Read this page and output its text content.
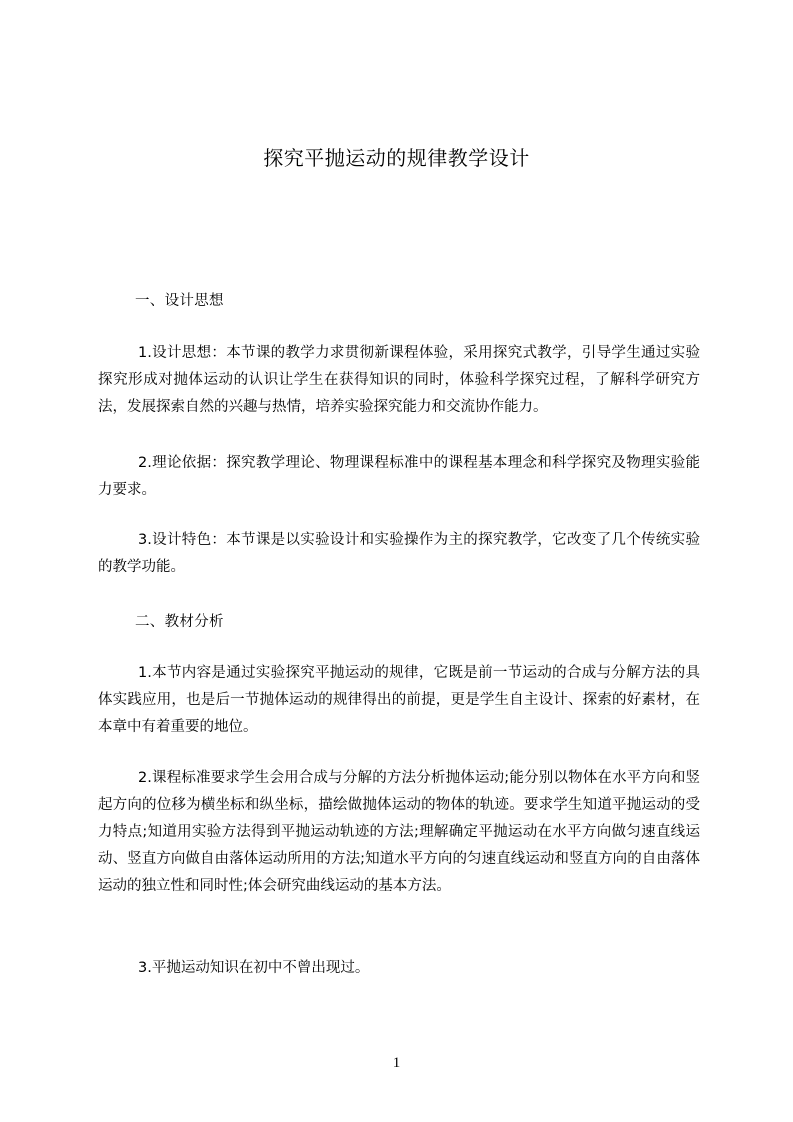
探究平抛运动的规律教学设计
一、设计思想
1.设计思想：本节课的教学力求贯彻新课程体验，采用探究式教学，引导学生通过实验探究形成对抛体运动的认识让学生在获得知识的同时，体验科学探究过程，了解科学研究方法，发展探索自然的兴趣与热情，培养实验探究能力和交流协作能力。
2.理论依据：探究教学理论、物理课程标准中的课程基本理念和科学探究及物理实验能力要求。
3.设计特色：本节课是以实验设计和实验操作为主的探究教学，它改变了几个传统实验的教学功能。
二、教材分析
1.本节内容是通过实验探究平抛运动的规律，它既是前一节运动的合成与分解方法的具体实践应用，也是后一节抛体运动的规律得出的前提，更是学生自主设计、探索的好素材，在本章中有着重要的地位。
2.课程标准要求学生会用合成与分解的方法分析抛体运动;能分别以物体在水平方向和竖起方向的位移为横坐标和纵坐标，描绘做抛体运动的物体的轨迹。要求学生知道平抛运动的受力特点;知道用实验方法得到平抛运动轨迹的方法;理解确定平抛运动在水平方向做匀速直线运动、竖直方向做自由落体运动所用的方法;知道水平方向的匀速直线运动和竖直方向的自由落体运动的独立性和同时性;体会研究曲线运动的基本方法。
3.平抛运动知识在初中不曾出现过。
1
